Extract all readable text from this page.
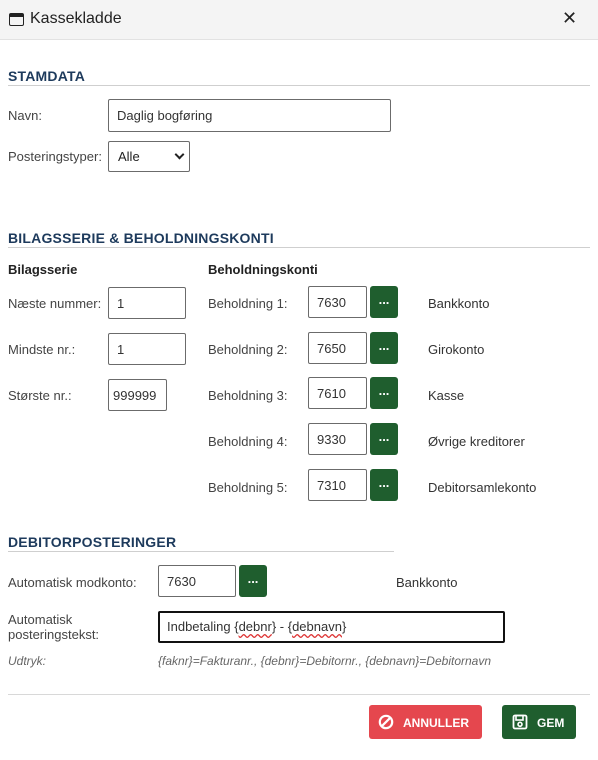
Kassekladde	✕
STAMDATA
Navn:
Daglig bogføring
Posteringstyper:	Alle
BILAGSSERIE & BEHOLDNINGSKONTI
Bilagsserie	Beholdningskonti
Næste nummer:
1
Mindste nr.:
1
Største nr.:
999999
Beholdning 1:
7630	...	Bankkonto
Beholdning 2:
7650	...	Girokonto
Beholdning 3:
7610	...	Kasse
Beholdning 4:
9330	...	Øvrige kreditorer
Beholdning 5:
7310	...	Debitorsamlekonto
DEBITORPOSTERINGER
Automatisk modkonto:
7630	...	Bankkonto
Automatisk
posteringstekst:
Indbetaling {debnr} - {debnavn}
Udtryk:	{faknr}=Fakturanr., {debnr}=Debitornr., {debnavn}=Debitornavn
ANNULLER	GEM
